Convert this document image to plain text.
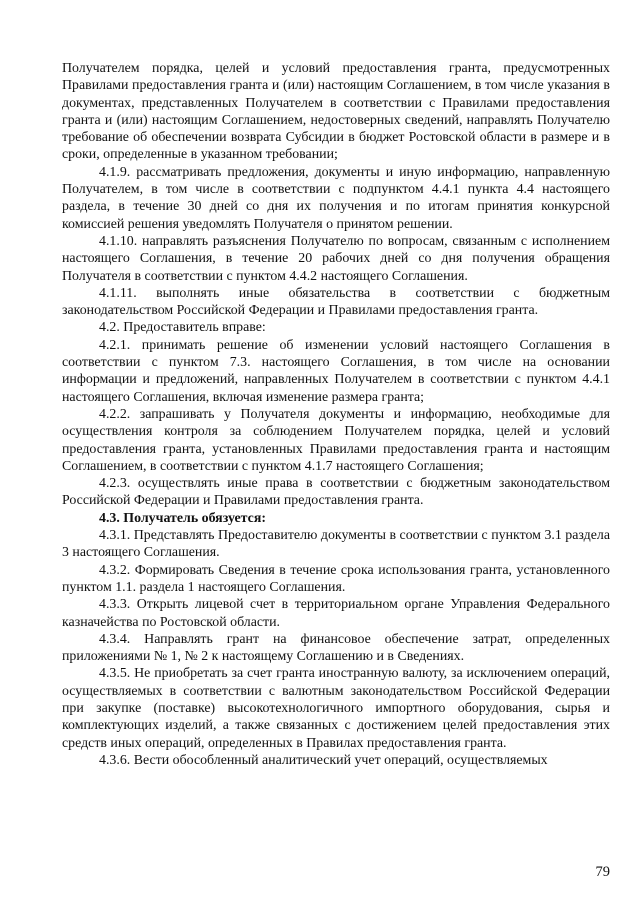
Получателем порядка, целей и условий предоставления гранта, предусмотренных Правилами предоставления гранта и (или) настоящим Соглашением, в том числе указания в документах, представленных Получателем в соответствии с Правилами предоставления гранта и (или) настоящим Соглашением, недостоверных сведений, направлять Получателю требование об обеспечении возврата Субсидии в бюджет Ростовской области в размере и в сроки, определенные в указанном требовании;

4.1.9. рассматривать предложения, документы и иную информацию, направленную Получателем, в том числе в соответствии с подпунктом 4.4.1 пункта 4.4 настоящего раздела, в течение 30 дней со дня их получения и по итогам принятия конкурсной комиссией решения уведомлять Получателя о принятом решении.

4.1.10. направлять разъяснения Получателю по вопросам, связанным с исполнением настоящего Соглашения, в течение 20 рабочих дней со дня получения обращения Получателя в соответствии с пунктом 4.4.2 настоящего Соглашения.

4.1.11. выполнять иные обязательства в соответствии с бюджетным законодательством Российской Федерации и Правилами предоставления гранта.

4.2. Предоставитель вправе:

4.2.1. принимать решение об изменении условий настоящего Соглашения в соответствии с пунктом 7.3. настоящего Соглашения, в том числе на основании информации и предложений, направленных Получателем в соответствии с пунктом 4.4.1 настоящего Соглашения, включая изменение размера гранта;

4.2.2. запрашивать у Получателя документы и информацию, необходимые для осуществления контроля за соблюдением Получателем порядка, целей и условий предоставления гранта, установленных Правилами предоставления гранта и настоящим Соглашением, в соответствии с пунктом 4.1.7 настоящего Соглашения;

4.2.3. осуществлять иные права в соответствии с бюджетным законодательством Российской Федерации и Правилами предоставления гранта.

4.3. Получатель обязуется:

4.3.1. Представлять Предоставителю документы в соответствии с пунктом 3.1 раздела 3 настоящего Соглашения.

4.3.2. Формировать Сведения в течение срока использования гранта, установленного пунктом 1.1. раздела 1 настоящего Соглашения.

4.3.3. Открыть лицевой счет в территориальном органе Управления Федерального казначейства по Ростовской области.

4.3.4. Направлять грант на финансовое обеспечение затрат, определенных приложениями № 1, № 2 к настоящему Соглашению и в Сведениях.

4.3.5. Не приобретать за счет гранта иностранную валюту, за исключением операций, осуществляемых в соответствии с валютным законодательством Российской Федерации при закупке (поставке) высокотехнологичного импортного оборудования, сырья и комплектующих изделий, а также связанных с достижением целей предоставления этих средств иных операций, определенных в Правилах предоставления гранта.

4.3.6. Вести обособленный аналитический учет операций, осуществляемых

79
